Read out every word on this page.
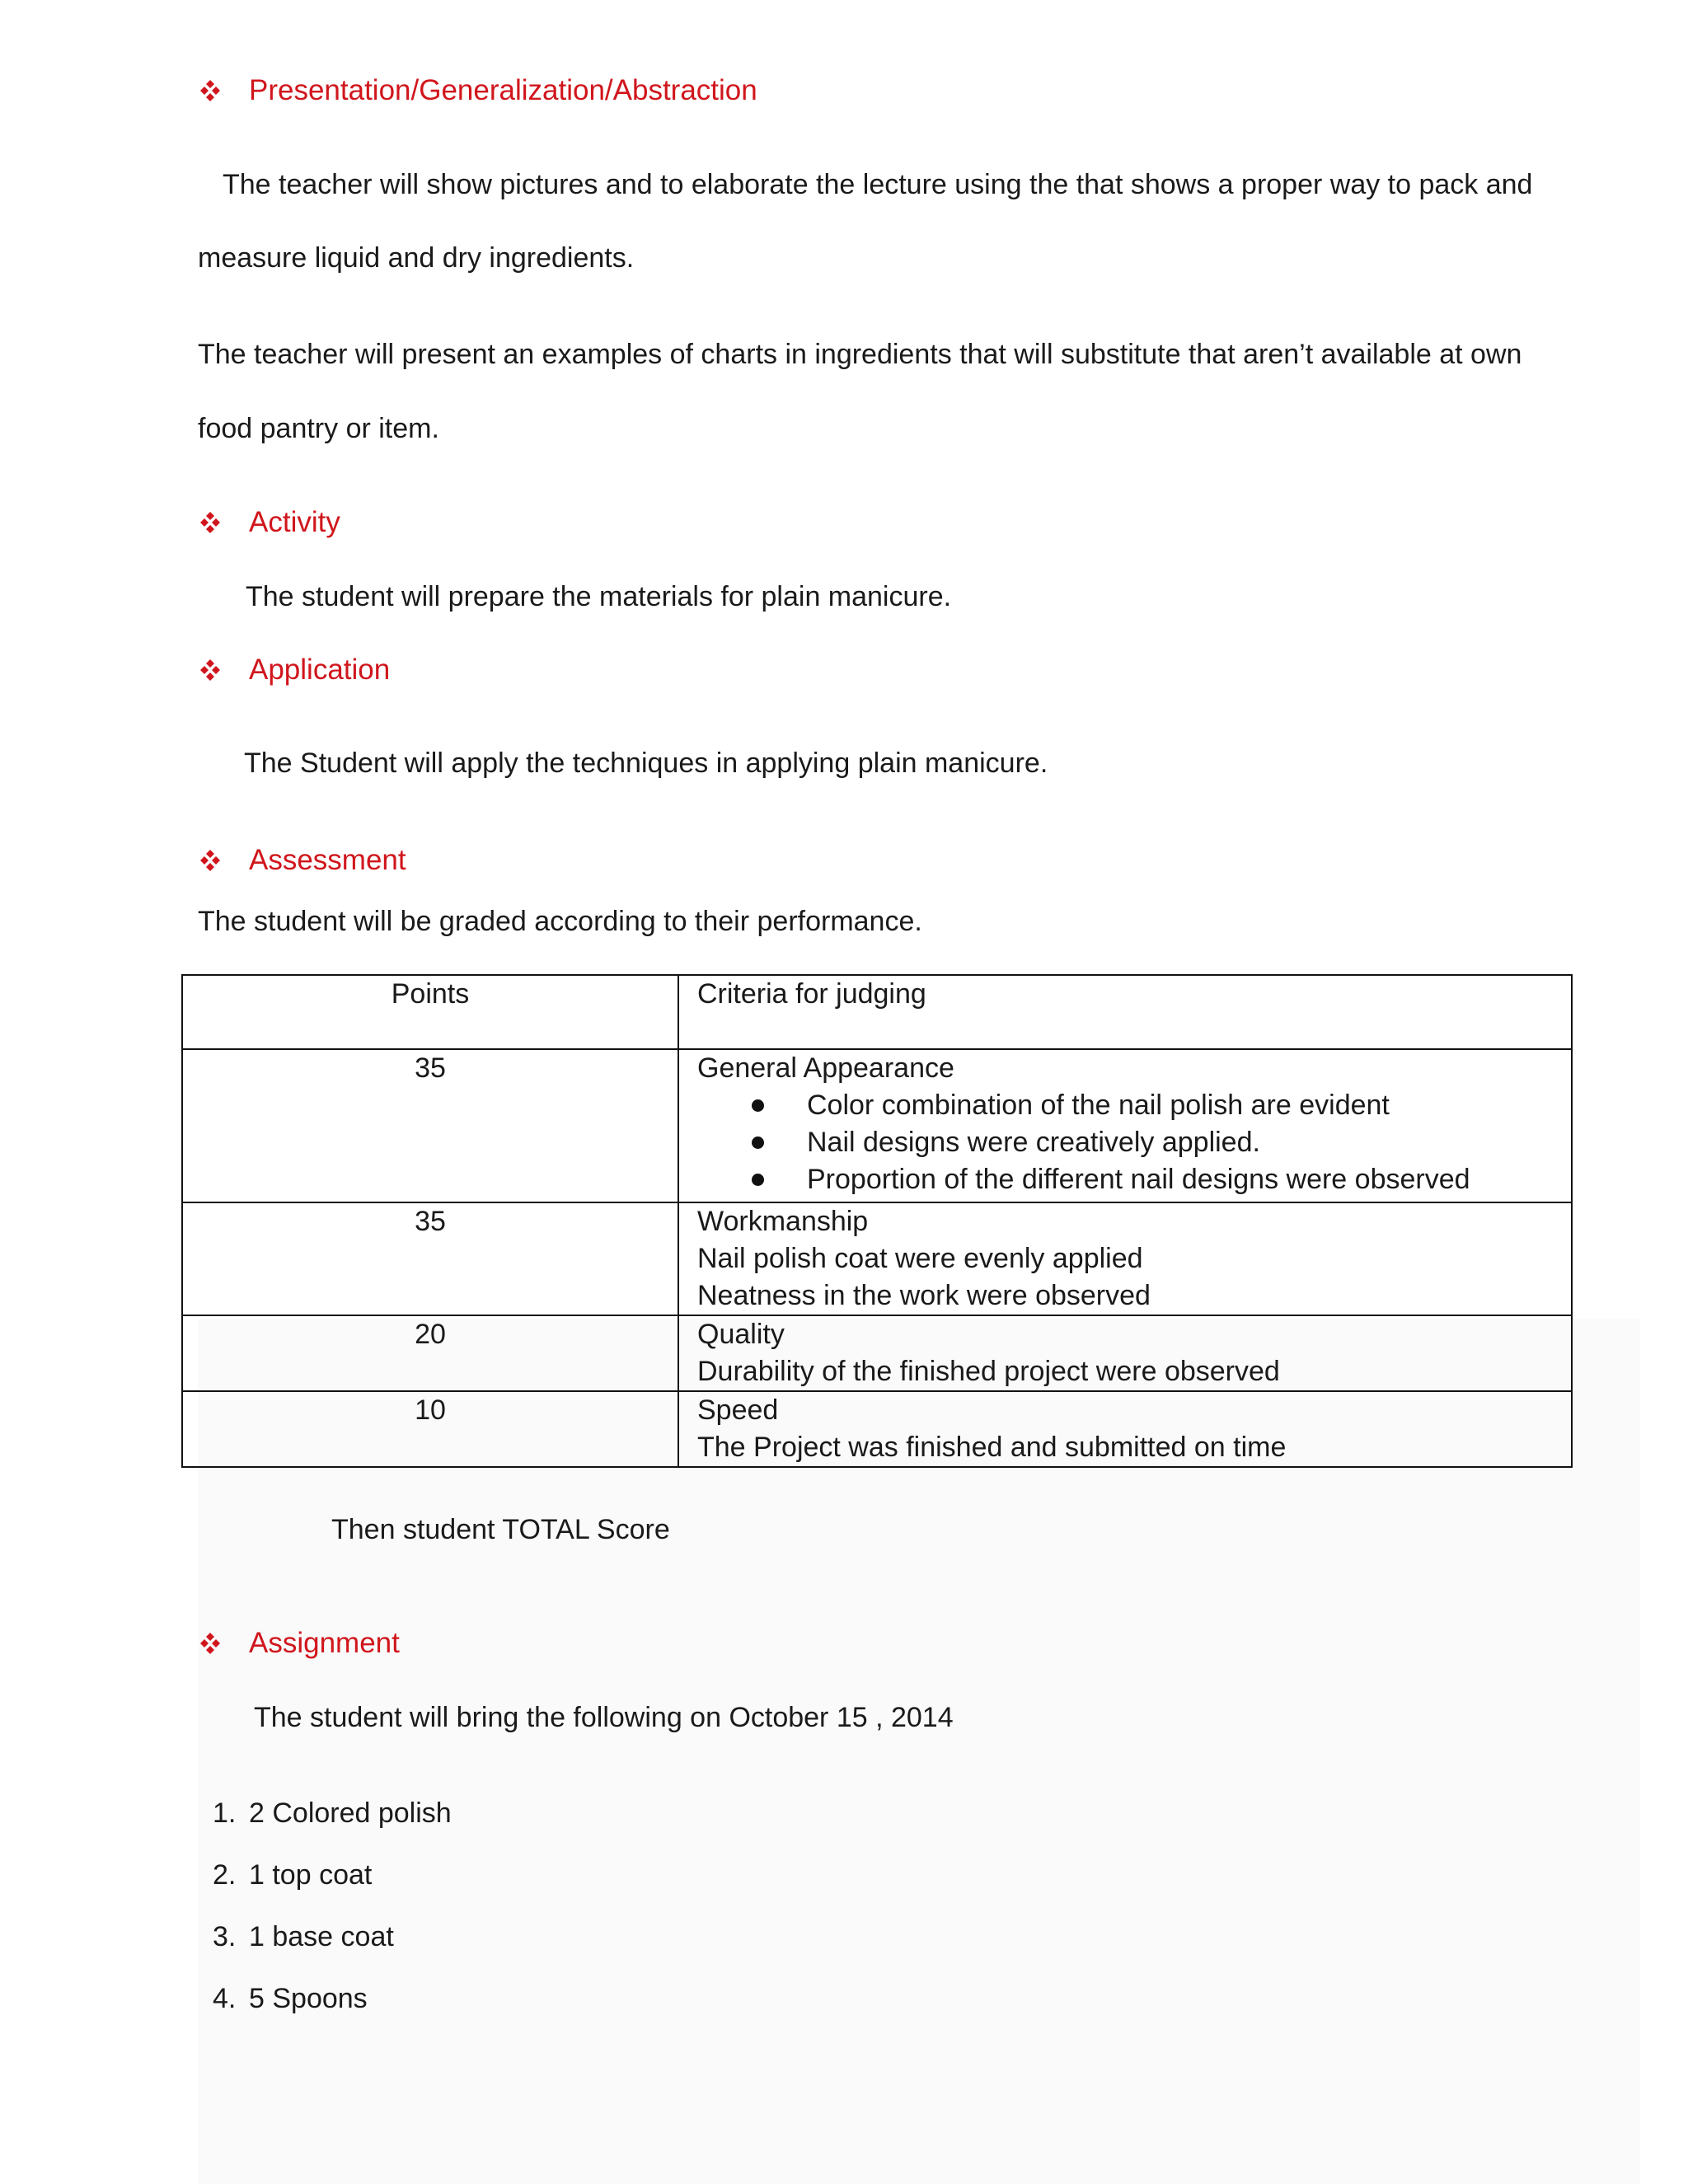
Presentation/Generalization/Abstraction
The teacher will show pictures and to elaborate the lecture using the that shows a proper way to pack and
measure liquid and dry ingredients.
The teacher will present an examples of charts in ingredients that will substitute that aren’t available at own
food pantry or item.
Activity
The student will prepare the materials for plain manicure.
Application
The Student will apply the techniques in applying plain manicure.
Assessment
The student will be graded according to their performance.
Points	Criteria for judging
35	General Appearance
Color combination of the nail polish are evident
Nail designs were creatively applied.
Proportion of the different nail designs were observed

35	Workmanship
Nail polish coat were evenly applied
Neatness in the work were observed

20	Quality
Durability of the finished project were observed

10	Speed
The Project was finished and submitted on time
Then student TOTAL Score
Assignment
The student will bring the following on October 15 , 2014
1. 2 Colored polish
2. 1 top coat
3. 1 base coat
4. 5 Spoons
